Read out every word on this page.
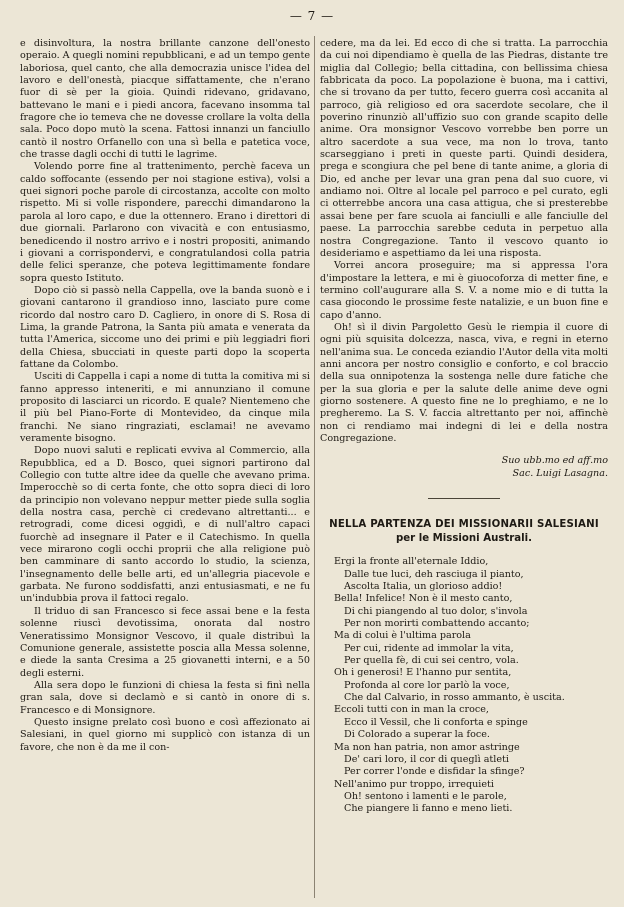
— 7 —

e disinvoltura, la nostra brillante canzone dell'onesto operaio. A quegli nomini repubblicani, e ad un tempo gente laboriosa, quel canto, che alla democrazia unisce l'idea del lavoro e dell'onestà, piacque siffattamente, che n'erano fuor di sè per la gioia. Quindi ridevano, gridavano, battevano le mani e i piedi ancora, facevano insomma tal fragore che io temeva che ne dovesse crollare la volta della sala. Poco dopo mutò la scena. Fattosi innanzi un fanciullo cantò il nostro Orfanello con una sì bella e patetica voce, che trasse dagli occhi di tutti le lagrime.

Volendo porre fine al trattenimento, perchè faceva un caldo soffocante (essendo per noi stagione estiva), volsi a quei signori poche parole di circostanza, accolte con molto rispetto. Mi si volle rispondere, parecchi dimandarono la parola al loro capo, e due la ottennero. Erano i direttori di due giornali. Parlarono con vivacità e con entusiasmo, benedicendo il nostro arrivo e i nostri propositi, animando i giovani a corrispondervi, e congratulandosi colla patria delle felici speranze, che poteva legittimamente fondare sopra questo Istituto.

Dopo ciò si passò nella Cappella, ove la banda suonò e i giovani cantarono il grandioso inno, lasciato pure come ricordo dal nostro caro D. Cagliero, in onore di S. Rosa di Lima, la grande Patrona, la Santa più amata e venerata da tutta l'America, siccome uno dei primi e più leggiadri fiori della Chiesa, sbucciati in queste parti dopo la scoperta fattane da Colombo.

Usciti di Cappella i capi a nome di tutta la comitiva mi si fanno appresso inteneriti, e mi annunziano il comune proposito di lasciarci un ricordo. E quale? Nientemeno che il più bel Piano-Forte di Montevideo, da cinque mila franchi. Ne siano ringraziati, esclamai! ne avevamo veramente bisogno.

Dopo nuovi saluti e replicati evviva al Commercio, alla Repubblica, ed a D. Bosco, quei signori partirono dal Collegio con tutte altre idee da quelle che avevano prima. Imperocchè so di certa fonte, che otto sopra dieci di loro da principio non volevano neppur metter piede sulla soglia della nostra casa, perchè ci credevano altrettanti... e retrogradi, come dicesi oggidì, e di null'altro capaci fuorchè ad insegnare il Pater e il Catechismo. In quella vece mirarono cogli occhi proprii che alla religione può ben camminare di santo accordo lo studio, la scienza, l'insegnamento delle belle arti, ed un'allegria piacevole e garbata. Ne furono soddisfatti, anzi entusiasmati, e ne fu un'indubbia prova il fattoci regalo.

Il triduo di san Francesco si fece assai bene e la festa solenne riuscì devotissima, onorata dal nostro Veneratissimo Monsignor Vescovo, il quale distribuì la Comunione generale, assistette poscia alla Messa solenne, e diede la santa Cresima a 25 giovanetti interni, e a 50 degli esterni.

Alla sera dopo le funzioni di chiesa la festa si finì nella gran sala, dove si declamò e si cantò in onore di s. Francesco e di Monsignore.

Questo insigne prelato così buono e così affezionato ai Salesiani, in quel giorno mi supplicò con istanza di un favore, che non è da me il con-

cedere, ma da lei. Ed ecco di che si tratta. La parrocchia da cui noi dipendiamo è quella de las Piedras, distante tre miglia dal Collegio; bella cittadina, con bellissima chiesa fabbricata da poco. La popolazione è buona, ma i cattivi, che si trovano da per tutto, fecero guerra così accanita al parroco, già religioso ed ora sacerdote secolare, che il poverino rinunziò all'uffizio suo con grande scapito delle anime. Ora monsignor Vescovo vorrebbe ben porre un altro sacerdote a sua vece, ma non lo trova, tanto scarseggiano i preti in queste parti. Quindi desidera, prega e scongiura che pel bene di tante anime, a gloria di Dio, ed anche per levar una gran pena dal suo cuore, vi andiamo noi. Oltre al locale pel parroco e pel curato, egli ci otterrebbe ancora una casa attigua, che si presterebbe assai bene per fare scuola ai fanciulli e alle fanciulle del paese. La parrocchia sarebbe ceduta in perpetuo alla nostra Congregazione. Tanto il vescovo quanto io desideriamo e aspettiamo da lei una risposta.

Vorrei ancora proseguire; ma si appressa l'ora d'impostare la lettera, e mi è giuocoforza di metter fine, e termino coll'augurare alla S. V. a nome mio e di tutta la casa giocondo le prossime feste natalizie, e un buon fine e capo d'anno.

Oh! sì il divin Pargoletto Gesù le riempia il cuore di ogni più squisita dolcezza, nasca, viva, e regni in eterno nell'anima sua. Le conceda eziandio l'Autor della vita molti anni ancora per nostro consiglio e conforto, e col braccio della sua onnipotenza la sostenga nelle dure fatiche che per la sua gloria e per la salute delle anime deve ogni giorno sostenere. A questo fine ne lo preghiamo, e ne lo pregheremo. La S. V. faccia altrettanto per noi, affinchè non ci rendiamo mai indegni di lei e della nostra Congregazione.

Suo ubb.mo ed aff.mo
Sac. Luigi Lasagna.
NELLA PARTENZA DEI MISSIONARII SALESIANI
per le Missioni Australi.
Ergi la fronte all'eternale Iddio,
Dalle tue luci, deh rasciuga il pianto,
Ascolta Italia, un glorioso addio!
Bella! Infelice! Non è il mesto canto,
Di chi piangendo al tuo dolor, s'invola
Per non morirti combattendo accanto;
Ma di colui è l'ultima parola
Per cui, ridente ad immolar la vita,
Per quella fè, di cui sei centro, vola.
Oh i generosi! E l'hanno pur sentita,
Profonda al core lor parlò la voce,
Che dal Calvario, in rosso ammanto, è uscita.
Eccoli tutti con in man la croce,
Ecco il Vessil, che li conforta e spinge
Di Colorado a superar la foce.
Ma non han patria, non amor astringe
De' cari loro, il cor di queglì atleti
Per correr l'onde e disfidar la sfinge?
Nell'animo pur troppo, irrequieti
Oh! sentono i lamenti e le parole,
Che piangere li fanno e meno lieti.
